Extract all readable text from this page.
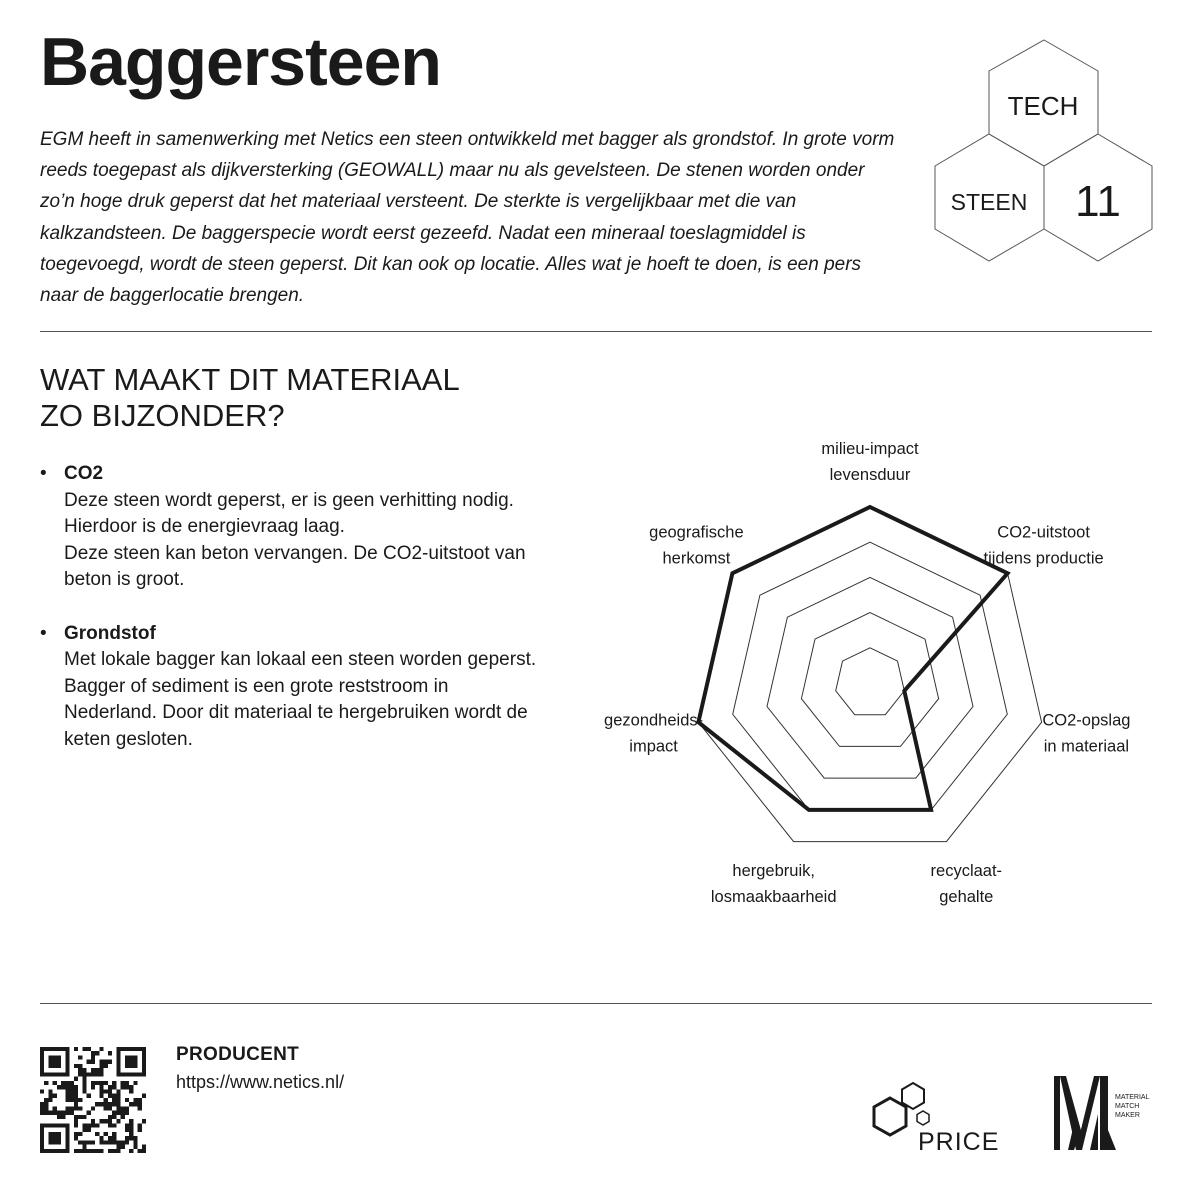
Baggersteen

EGM heeft in samenwerking met Netics een steen ontwikkeld met bagger als grondstof. In grote vorm reeds toegepast als dijkversterking (GEOWALL) maar nu als gevelsteen. De stenen worden onder zo’n hoge druk geperst dat het materiaal versteent. De sterkte is vergelijkbaar met die van kalkzandsteen. De baggerspecie wordt eerst gezeefd. Nadat een mineraal toeslagmiddel is toegevoegd, wordt de steen geperst. Dit kan ook op locatie. Alles wat je hoeft te doen, is een pers naar de baggerlocatie brengen.

TECH
STEEN 11
WAT MAAKT DIT MATERIAAL
ZO BIJZONDER?
• CO2
Deze steen wordt geperst, er is geen verhitting nodig. Hierdoor is de energievraag laag.
Deze steen kan beton vervangen. De CO2-uitstoot van beton is groot.
• Grondstof
Met lokale bagger kan lokaal een steen worden geperst. Bagger of sediment is een grote reststroom in Nederland. Door dit materiaal te hergebruiken wordt de keten gesloten.
milieu-impact levensduur
CO2-uitstoot tijdens productie
CO2-opslag in materiaal
recyclaat-gehalte
hergebruik, losmaakbaarheid
gezondheids-impact
geografische herkomst

PRODUCENT

https://www.netics.nl/
PRICE
MATERIAL
MATCH
MAKER
